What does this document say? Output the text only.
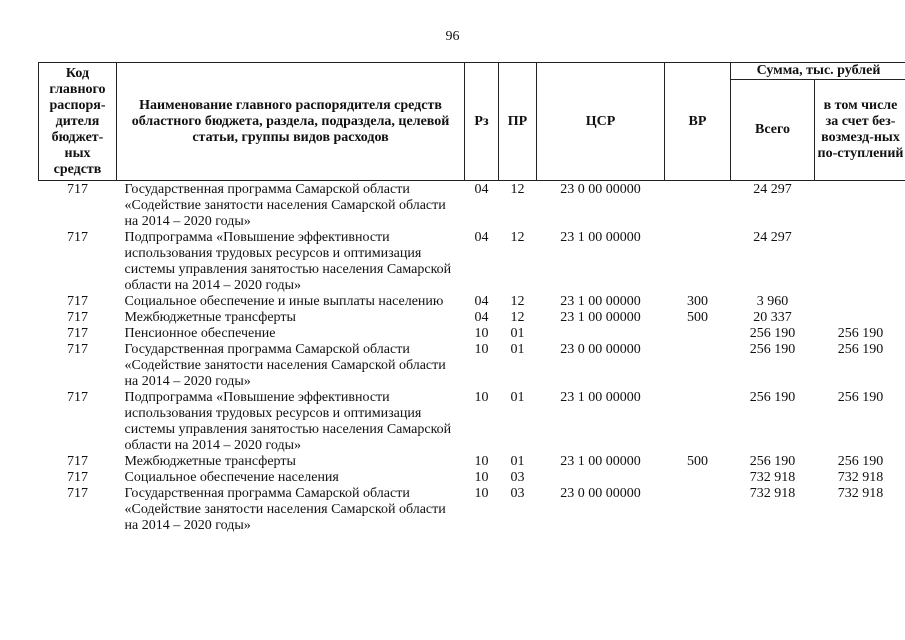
96
Код главного распоря-дителя бюджет-ных средств	Наименование главного распорядителя средств областного бюджета, раздела, подраздела, целевой статьи, группы видов расходов	Рз	ПР	ЦСР	ВР	Сумма, тыс. рублей	
						Всего	в том числе за счет без-возмезд-ных по-ступлений
717	Государственная программа Самарской области «Содействие занятости населения Самарской области на 2014 – 2020 годы»	04	12	23 0 00 00000		24 297	
717	Подпрограмма «Повышение эффективности использования трудовых ресурсов и оптимизация системы управления занятостью населения Самарской области на 2014 – 2020 годы»	04	12	23 1 00 00000		24 297	
717	Социальное обеспечение и иные выплаты населению	04	12	23 1 00 00000	300	3 960	
717	Межбюджетные трансферты	04	12	23 1 00 00000	500	20 337	
717	Пенсионное обеспечение	10	01			256 190	256 190
717	Государственная программа Самарской области «Содействие занятости населения Самарской области на 2014 – 2020 годы»	10	01	23 0 00 00000		256 190	256 190
717	Подпрограмма «Повышение эффективности использования трудовых ресурсов и оптимизация системы управления занятостью населения Самарской области на 2014 – 2020 годы»	10	01	23 1 00 00000		256 190	256 190
717	Межбюджетные трансферты	10	01	23 1 00 00000	500	256 190	256 190
717	Социальное обеспечение населения	10	03			732 918	732 918
717	Государственная программа Самарской области «Содействие занятости населения Самарской области на 2014 – 2020 годы»	10	03	23 0 00 00000		732 918	732 918
